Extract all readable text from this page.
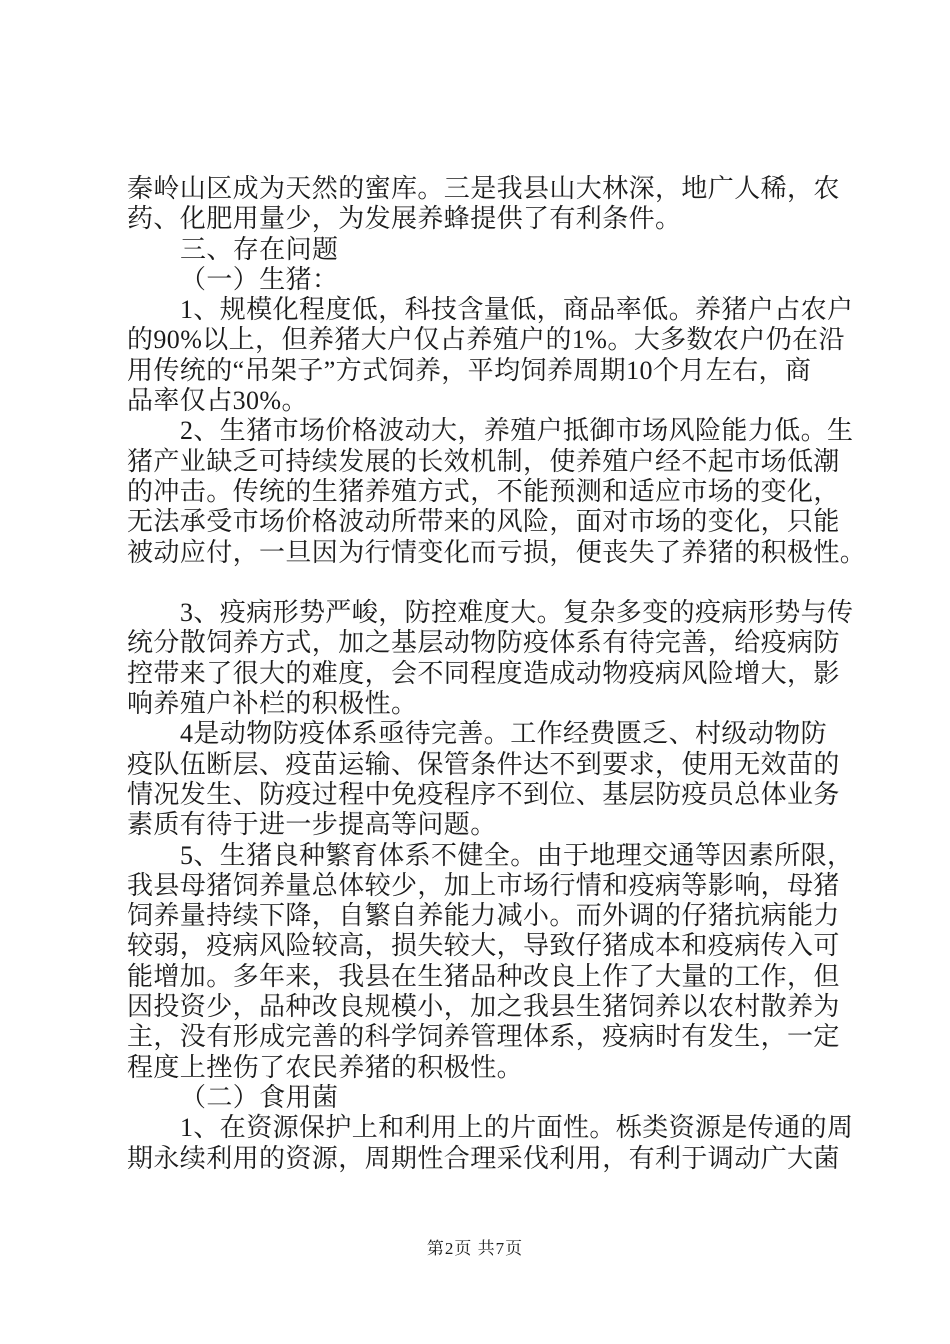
秦岭山区成为天然的蜜库。三是我县山大林深，地广人稀，农
药、化肥用量少，为发展养蜂提供了有利条件。
三、存在问题
（一）生猪：
1、规模化程度低，科技含量低，商品率低。养猪户占农户
的90%以上，但养猪大户仅占养殖户的1%。大多数农户仍在沿
用传统的“吊架子”方式饲养，平均饲养周期10个月左右，商
品率仅占30%。
2、生猪市场价格波动大，养殖户抵御市场风险能力低。生
猪产业缺乏可持续发展的长效机制，使养殖户经不起市场低潮
的冲击。传统的生猪养殖方式，不能预测和适应市场的变化，
无法承受市场价格波动所带来的风险，面对市场的变化，只能
被动应付，一旦因为行情变化而亏损，便丧失了养猪的积极性。

3、疫病形势严峻，防控难度大。复杂多变的疫病形势与传
统分散饲养方式，加之基层动物防疫体系有待完善，给疫病防
控带来了很大的难度，会不同程度造成动物疫病风险增大，影
响养殖户补栏的积极性。
4是动物防疫体系亟待完善。工作经费匮乏、村级动物防
疫队伍断层、疫苗运输、保管条件达不到要求，使用无效苗的
情况发生、防疫过程中免疫程序不到位、基层防疫员总体业务
素质有待于进一步提高等问题。
5、生猪良种繁育体系不健全。由于地理交通等因素所限，
我县母猪饲养量总体较少，加上市场行情和疫病等影响，母猪
饲养量持续下降，自繁自养能力减小。而外调的仔猪抗病能力
较弱，疫病风险较高，损失较大，导致仔猪成本和疫病传入可
能增加。多年来，我县在生猪品种改良上作了大量的工作，但
因投资少，品种改良规模小，加之我县生猪饲养以农村散养为
主，没有形成完善的科学饲养管理体系，疫病时有发生，一定
程度上挫伤了农民养猪的积极性。
（二）食用菌
1、在资源保护上和利用上的片面性。栎类资源是传通的周
期永续利用的资源，周期性合理采伐利用，有利于调动广大菌
第2页 共7页
